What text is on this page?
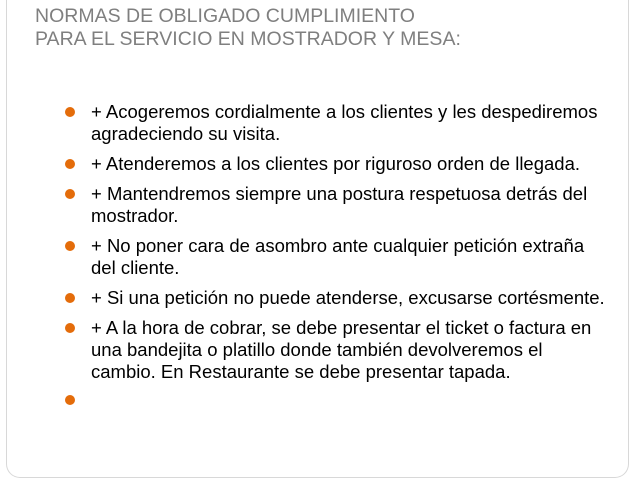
NORMAS DE OBLIGADO CUMPLIMIENTO
PARA EL SERVICIO EN MOSTRADOR Y MESA:
+ Acogeremos cordialmente a los clientes y les despediremos agradeciendo su visita.
+ Atenderemos a los clientes por riguroso orden de llegada.
+ Mantendremos siempre una postura respetuosa detrás del mostrador.
+ No poner cara de asombro ante cualquier petición extraña del cliente.
+ Si una petición no puede atenderse, excusarse cortésmente.
+ A la hora de cobrar, se debe presentar el ticket o factura en una bandejita o platillo donde también devolveremos el cambio. En Restaurante se debe presentar tapada.
